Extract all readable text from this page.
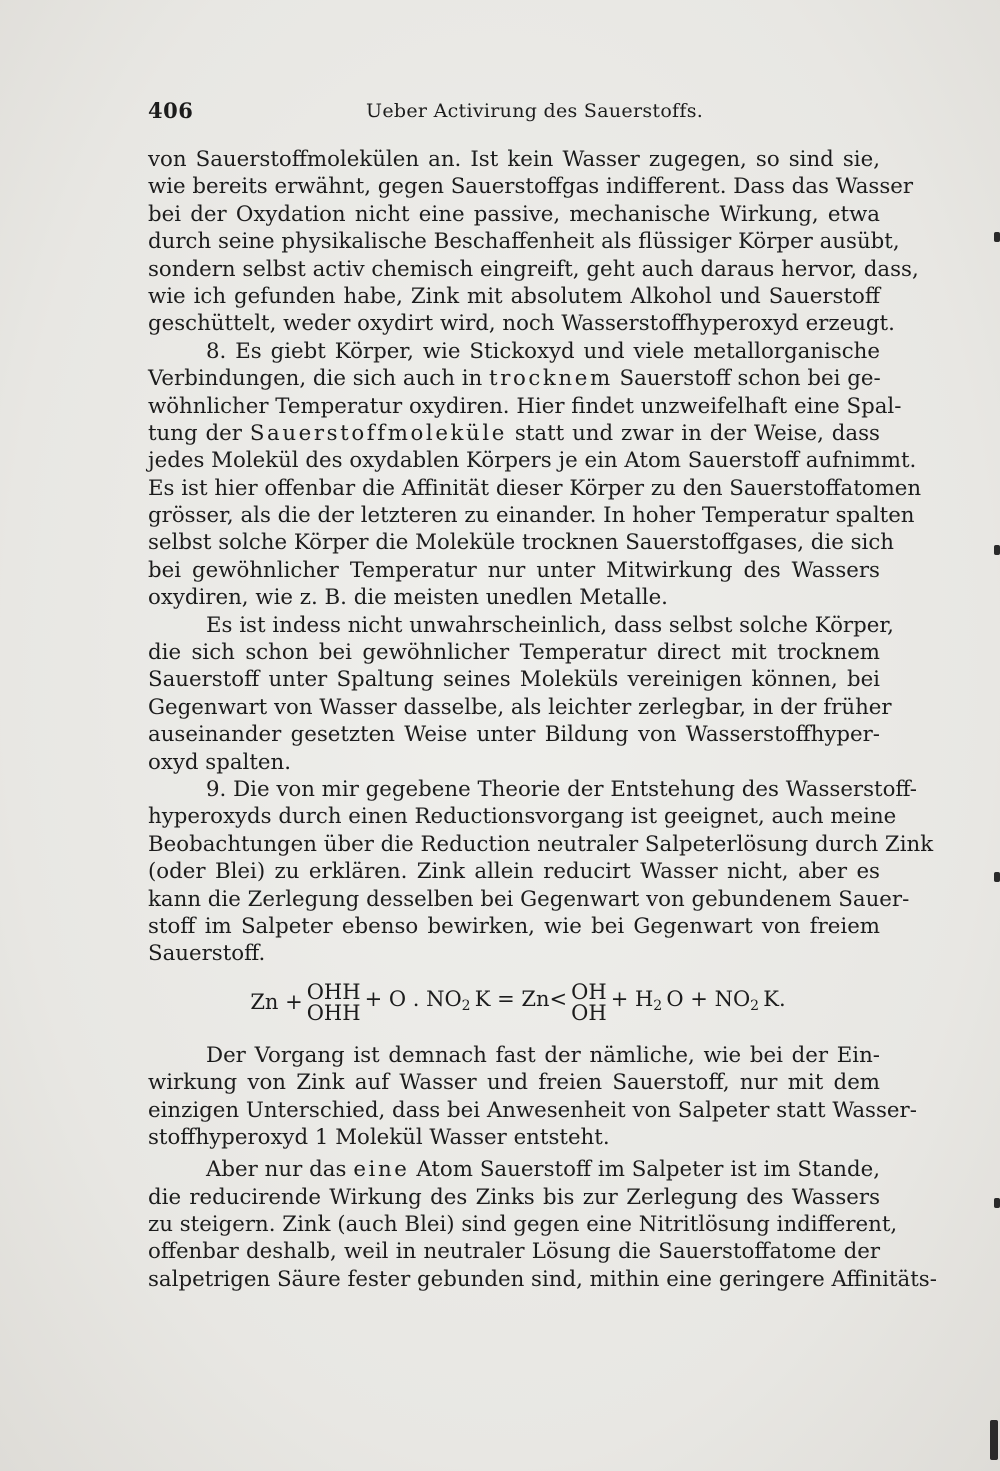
406	Ueber Activirung des Sauerstoffs.
von Sauerstoffmolekülen an. Ist kein Wasser zugegen, so sind sie,
wie bereits erwähnt, gegen Sauerstoffgas indifferent. Dass das Wasser
bei der Oxydation nicht eine passive, mechanische Wirkung, etwa
durch seine physikalische Beschaffenheit als flüssiger Körper ausübt,
sondern selbst activ chemisch eingreift, geht auch daraus hervor, dass,
wie ich gefunden habe, Zink mit absolutem Alkohol und Sauerstoff
geschüttelt, weder oxydirt wird, noch Wasserstoffhyperoxyd erzeugt.
8. Es giebt Körper, wie Stickoxyd und viele metallorganische
Verbindungen, die sich auch in trocknem Sauerstoff schon bei ge-
wöhnlicher Temperatur oxydiren. Hier findet unzweifelhaft eine Spal-
tung der Sauerstoffmoleküle statt und zwar in der Weise, dass
jedes Molekül des oxydablen Körpers je ein Atom Sauerstoff aufnimmt.
Es ist hier offenbar die Affinität dieser Körper zu den Sauerstoffatomen
grösser, als die der letzteren zu einander. In hoher Temperatur spalten
selbst solche Körper die Moleküle trocknen Sauerstoffgases, die sich
bei gewöhnlicher Temperatur nur unter Mitwirkung des Wassers
oxydiren, wie z. B. die meisten unedlen Metalle.
Es ist indess nicht unwahrscheinlich, dass selbst solche Körper,
die sich schon bei gewöhnlicher Temperatur direct mit trocknem
Sauerstoff unter Spaltung seines Moleküls vereinigen können, bei
Gegenwart von Wasser dasselbe, als leichter zerlegbar, in der früher
auseinander gesetzten Weise unter Bildung von Wasserstoffhyper-
oxyd spalten.
9. Die von mir gegebene Theorie der Entstehung des Wasserstoff-
hyperoxyds durch einen Reductionsvorgang ist geeignet, auch meine
Beobachtungen über die Reduction neutraler Salpeterlösung durch Zink
(oder Blei) zu erklären. Zink allein reducirt Wasser nicht, aber es
kann die Zerlegung desselben bei Gegenwart von gebundenem Sauer-
stoff im Salpeter ebenso bewirken, wie bei Gegenwart von freiem
Sauerstoff.
Zn + OHH
OHH
+ O . $NO_2$  K = Zn< OH
OH
+ $H_2$  $O + NO_2$  K.
Der Vorgang ist demnach fast der nämliche, wie bei der Ein-
wirkung von Zink auf Wasser und freien Sauerstoff, nur mit dem
einzigen Unterschied, dass bei Anwesenheit von Salpeter statt Wasser-
stoffhyperoxyd 1 Molekül Wasser entsteht.
Aber nur das eine Atom Sauerstoff im Salpeter ist im Stande,
die reducirende Wirkung des Zinks bis zur Zerlegung des Wassers
zu steigern. Zink (auch Blei) sind gegen eine Nitritlösung indifferent,
offenbar deshalb, weil in neutraler Lösung die Sauerstoffatome der
salpetrigen Säure fester gebunden sind, mithin eine geringere Affinitäts-
